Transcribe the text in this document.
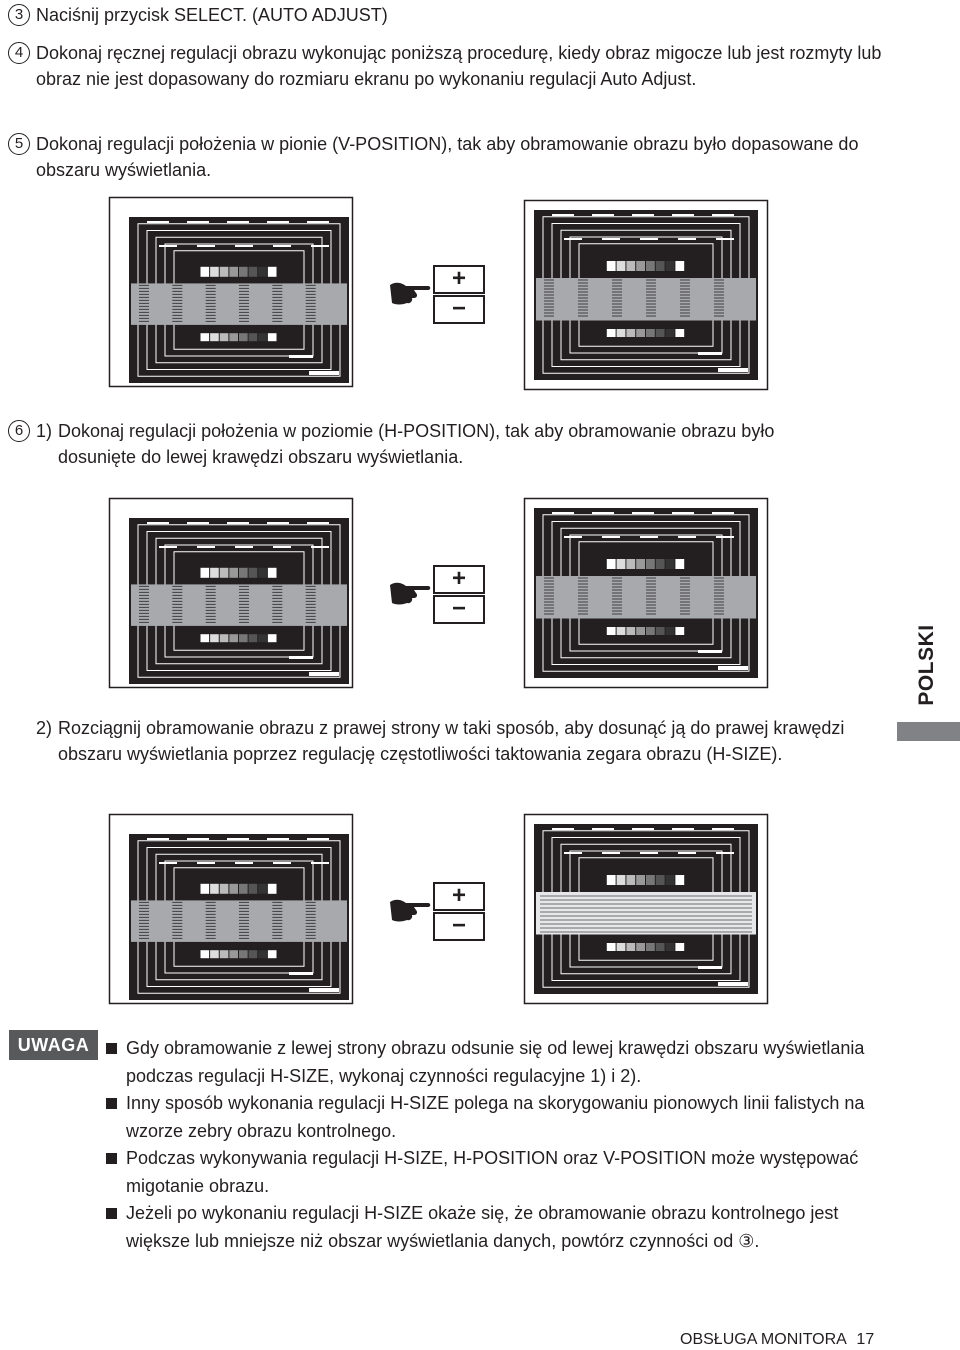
3 Naciśnij przycisk SELECT. (AUTO ADJUST)
4 Dokonaj ręcznej regulacji obrazu wykonując poniższą procedurę, kiedy obraz migocze lub jest rozmyty lub obraz nie jest dopasowany do rozmiaru ekranu po wykonaniu regulacji Auto Adjust.
5 Dokonaj regulacji położenia w pionie (V-POSITION), tak aby obramowanie obrazu było dopasowane do obszaru wyświetlania.
6 1) Dokonaj regulacji położenia w poziomie (H-POSITION), tak aby obramowanie obrazu było dosunięte do lewej krawędzi obszaru wyświetlania.
2) Rozciągnij obramowanie obrazu z prawej strony w taki sposób, aby dosunąć ją do prawej krawędzi obszaru wyświetlania poprzez regulację częstotliwości taktowania zegara obrazu (H-SIZE).
+
−
+
−
+
−
POLSKI
UWAGA	Gdy obramowanie z lewej strony obrazu odsunie się od lewej krawędzi obszaru wyświetlania podczas regulacji H-SIZE, wykonaj czynności regulacyjne 1) i 2).
Inny sposób wykonania regulacji H-SIZE polega na skorygowaniu pionowych linii falistych na wzorze zebry obrazu kontrolnego.
Podczas wykonywania regulacji H-SIZE, H-POSITION oraz V-POSITION może występować migotanie obrazu.
Jeżeli po wykonaniu regulacji H-SIZE okaże się, że obramowanie obrazu kontrolnego jest większe lub mniejsze niż obszar wyświetlania danych, powtórz czynności od ③.
OBSŁUGA MONITORA 17
